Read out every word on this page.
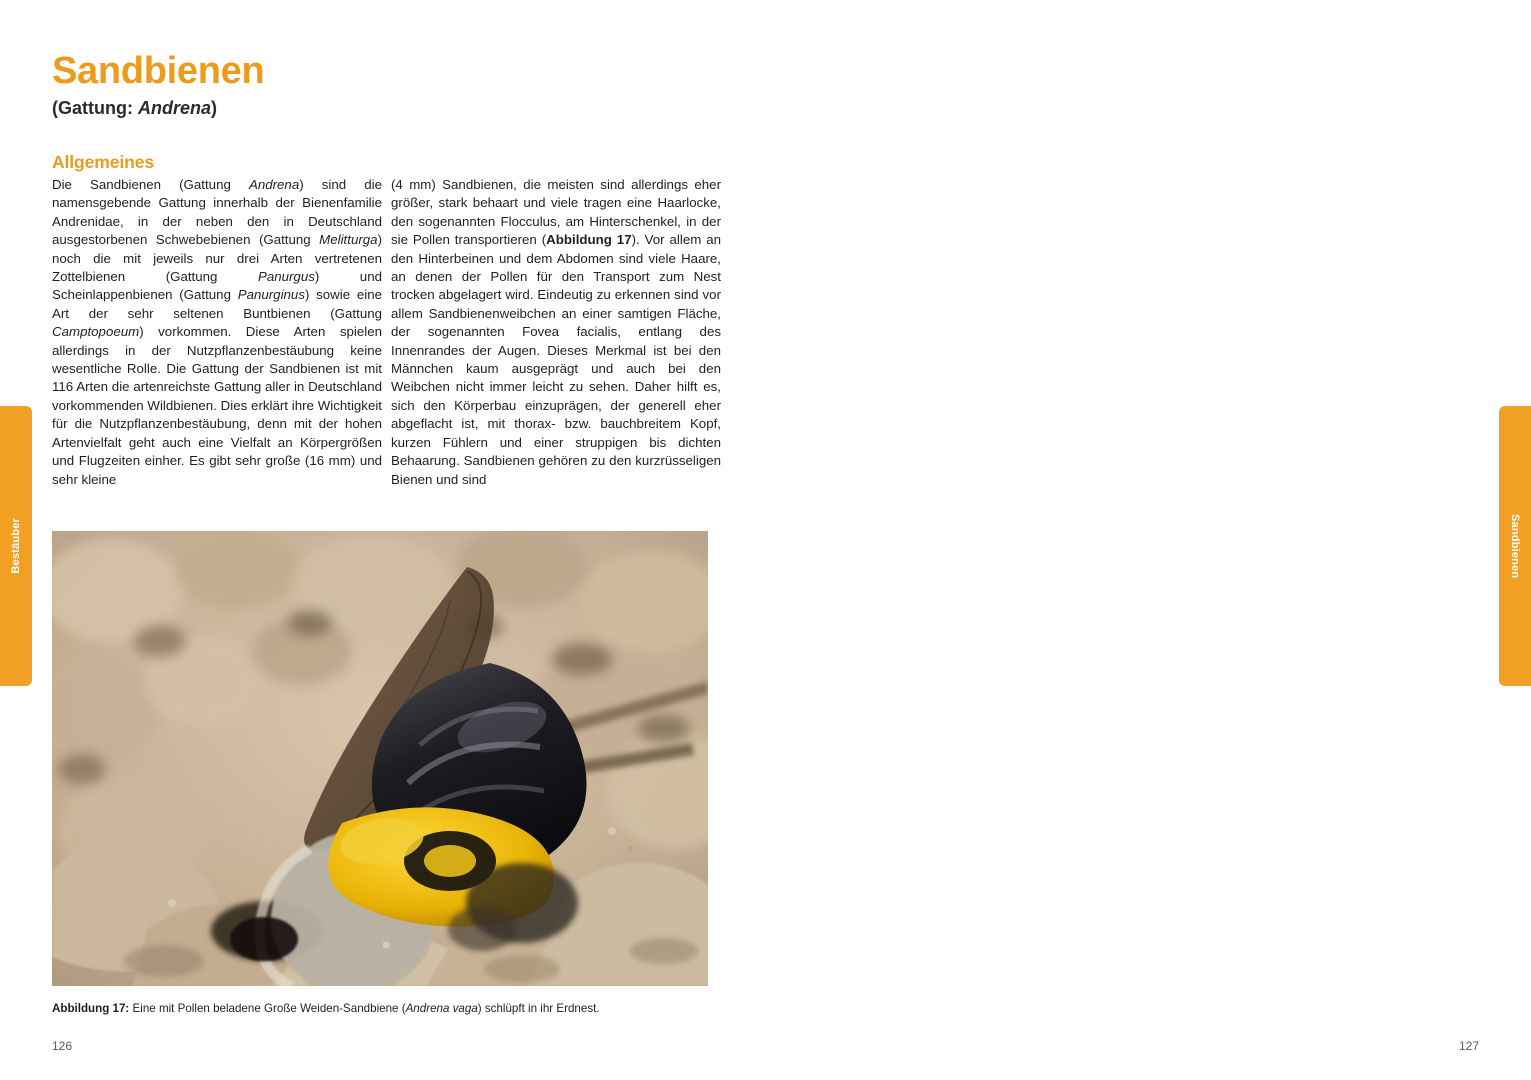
Bestäuber	Sandbienen
Sandbienen
(Gattung: Andrena)
Allgemeines

Die Sandbienen (Gattung Andrena) sind die namensgebende Gattung innerhalb der Bienenfamilie Andrenidae, in der neben den in Deutschland ausgestorbenen Schwebebienen (Gattung Melitturga) noch die mit jeweils nur drei Arten vertretenen Zottelbienen (Gattung Panurgus) und Scheinlappenbienen (Gattung Panurginus) sowie eine Art der sehr seltenen Buntbienen (Gattung Camptopoeum) vorkommen. Diese Arten spielen allerdings in der Nutzpflanzenbestäubung keine wesentliche Rolle. Die Gattung der Sandbienen ist mit 116 Arten die artenreichste Gattung aller in Deutschland vorkommenden Wildbienen. Dies erklärt ihre Wichtigkeit für die Nutzpflanzenbestäubung, denn mit der hohen Artenvielfalt geht auch eine Vielfalt an Körpergrößen und Flugzeiten einher. Es gibt sehr große (16 mm) und sehr kleine

(4 mm) Sandbienen, die meisten sind allerdings eher größer, stark behaart und viele tragen eine Haarlocke, den sogenannten Flocculus, am Hinterschenkel, in der sie Pollen transportieren (Abbildung 17). Vor allem an den Hinterbeinen und dem Abdomen sind viele Haare, an denen der Pollen für den Transport zum Nest trocken abgelagert wird. Eindeutig zu erkennen sind vor allem Sandbienenweibchen an einer samtigen Fläche, der sogenannten Fovea facialis, entlang des Innenrandes der Augen. Dieses Merkmal ist bei den Männchen kaum ausgeprägt und auch bei den Weibchen nicht immer leicht zu sehen. Daher hilft es, sich den Körperbau einzuprägen, der generell eher abgeflacht ist, mit thorax- bzw. bauchbreitem Kopf, kurzen Fühlern und einer struppigen bis dichten Behaarung. Sandbienen gehören zu den kurzrüsseligen Bienen und sind

Abbildung 17: Eine mit Pollen beladene Große Weiden-Sandbiene (Andrena vaga) schlüpft in ihr Erdnest.
126	127
